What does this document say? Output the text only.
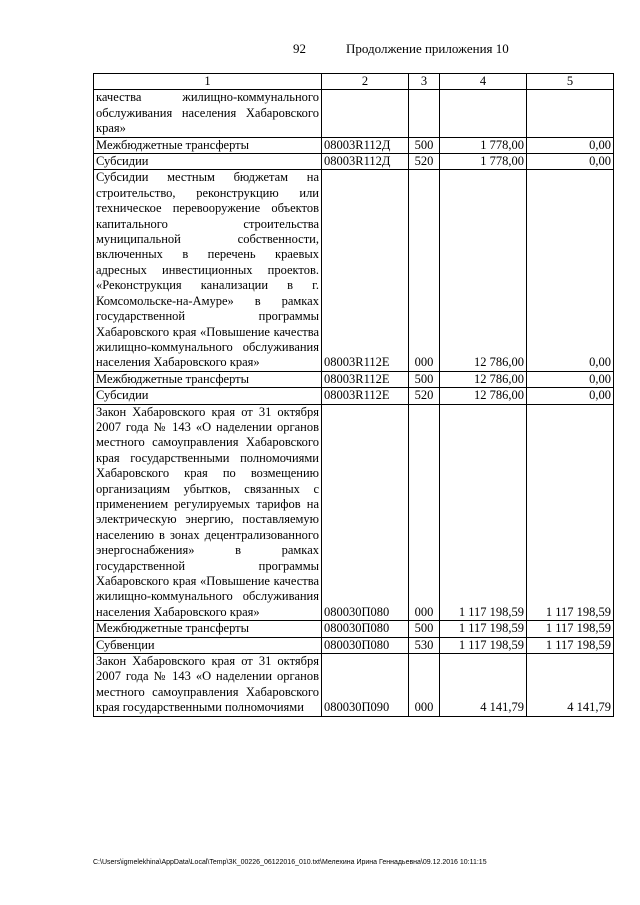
92	Продолжение приложения 10
1	2	3	4	5
качества жилищно-коммунального обслуживания населения Хабаровского края»				
Межбюджетные трансферты	08003R112Д	500	1 778,00	0,00
Субсидии	08003R112Д	520	1 778,00	0,00
Субсидии местным бюджетам на строительство, реконструкцию или техническое перевооружение объектов капитального строительства муниципальной собственности, включенных в перечень краевых адресных инвестиционных проектов. «Реконструкция канализации в г. Комсомольске-на-Амуре» в рамках государственной программы Хабаровского края «Повышение качества жилищно-коммунального обслуживания населения Хабаровского края»	08003R112E	000	12 786,00	0,00
Межбюджетные трансферты	08003R112E	500	12 786,00	0,00
Субсидии	08003R112E	520	12 786,00	0,00
Закон Хабаровского края от 31 октября 2007 года № 143 «О наделении органов местного самоуправления Хабаровского края государственными полномочиями Хабаровского края по возмещению организациям убытков, связанных с применением регулируемых тарифов на электрическую энергию, поставляемую населению в зонах децентрализованного энергоснабжения» в рамках государственной программы Хабаровского края «Повышение качества жилищно-коммунального обслуживания населения Хабаровского края»	080030П080	000	1 117 198,59	1 117 198,59
Межбюджетные трансферты	080030П080	500	1 117 198,59	1 117 198,59
Субвенции	080030П080	530	1 117 198,59	1 117 198,59
Закон Хабаровского края от 31 октября 2007 года № 143 «О наделении органов местного самоуправления Хабаровского края государственными полномочиями	080030П090	000	4 141,79	4 141,79
C:\Users\igmelekhina\AppData\Local\Temp\ЗК_00226_06122016_010.txt\Мелехина Ирина Геннадьевна\09.12.2016 10:11:15
